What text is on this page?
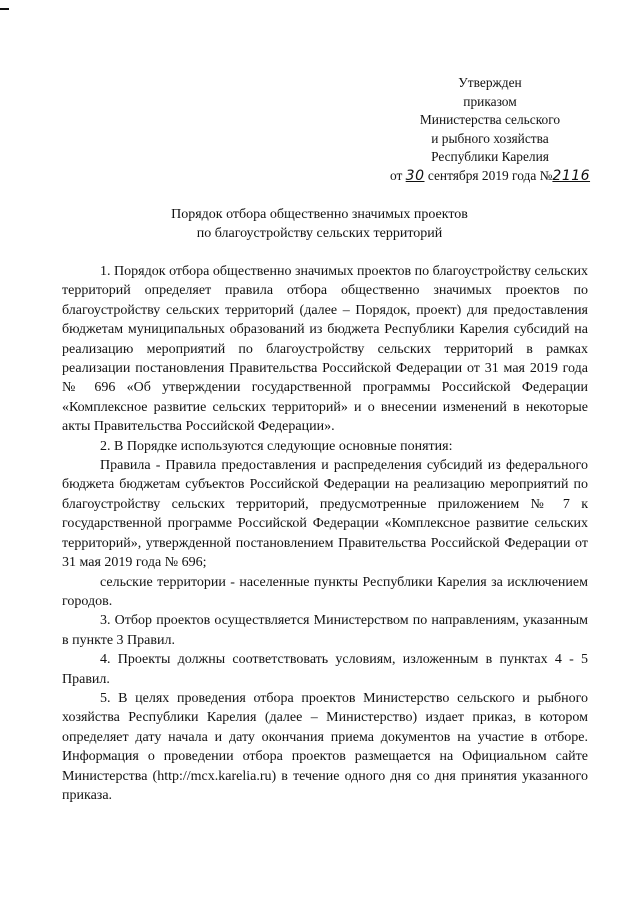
Утвержден
приказом
Министерства сельского
и рыбного хозяйства
Республики Карелия
от 30 сентября 2019 года №2116
Порядок отбора общественно значимых проектов
по благоустройству сельских территорий

1. Порядок отбора общественно значимых проектов по благоустройству сельских территорий определяет правила отбора общественно значимых проектов по благоустройству сельских территорий (далее – Порядок, проект) для предоставления бюджетам муниципальных образований из бюджета Республики Карелия субсидий на реализацию мероприятий по благоустройству сельских территорий в рамках реализации постановления Правительства Российской Федерации от 31 мая 2019 года № 696 «Об утверждении государственной программы Российской Федерации «Комплексное развитие сельских территорий» и о внесении изменений в некоторые акты Правительства Российской Федерации».

2. В Порядке используются следующие основные понятия:

Правила - Правила предоставления и распределения субсидий из федерального бюджета бюджетам субъектов Российской Федерации на реализацию мероприятий по благоустройству сельских территорий, предусмотренные приложением № 7 к государственной программе Российской Федерации «Комплексное развитие сельских территорий», утвержденной постановлением Правительства Российской Федерации от 31 мая 2019 года № 696;

сельские территории - населенные пункты Республики Карелия за исключением городов.

3. Отбор проектов осуществляется Министерством по направлениям, указанным в пункте 3 Правил.

4. Проекты должны соответствовать условиям, изложенным в пунктах 4 - 5 Правил.

5. В целях проведения отбора проектов Министерство сельского и рыбного хозяйства Республики Карелия (далее – Министерство) издает приказ, в котором определяет дату начала и дату окончания приема документов на участие в отборе. Информация о проведении отбора проектов размещается на Официальном сайте Министерства (http://mcx.karelia.ru) в течение одного дня со дня принятия указанного приказа.
